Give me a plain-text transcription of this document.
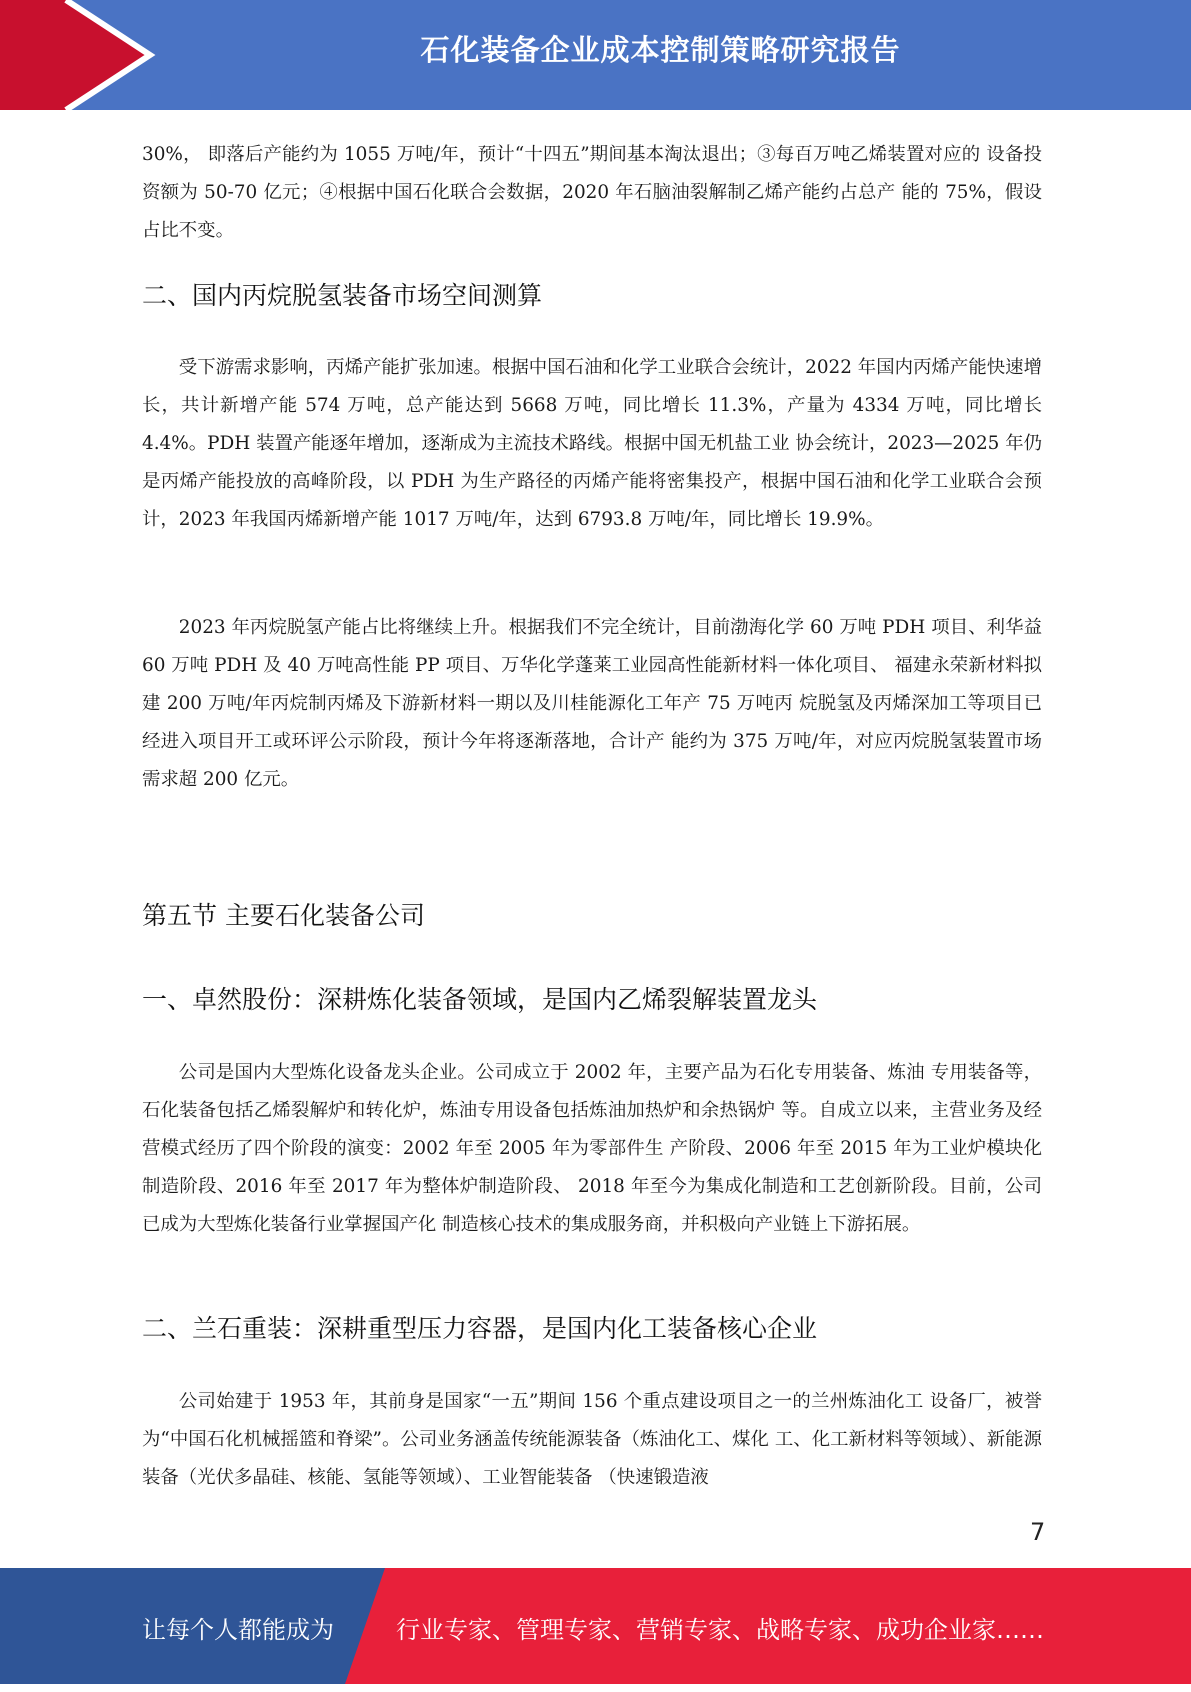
石化装备企业成本控制策略研究报告

30%， 即落后产能约为 1055 万吨/年，预计“十四五”期间基本淘汰退出；③每百万吨乙烯装置对应的 设备投资额为 50-70 亿元；④根据中国石化联合会数据，2020 年石脑油裂解制乙烯产能约占总产 能的 75%，假设占比不变。

二、国内丙烷脱氢装备市场空间测算

受下游需求影响，丙烯产能扩张加速。根据中国石油和化学工业联合会统计，2022 年国内丙烯产能快速增长，共计新增产能 574 万吨，总产能达到 5668 万吨，同比增长 11.3%，产量为 4334 万吨，同比增长 4.4%。PDH 装置产能逐年增加，逐渐成为主流技术路线。根据中国无机盐工业 协会统计，2023—2025 年仍是丙烯产能投放的高峰阶段，以 PDH 为生产路径的丙烯产能将密集投产，根据中国石油和化学工业联合会预计，2023 年我国丙烯新增产能 1017 万吨/年，达到 6793.8 万吨/年，同比增长 19.9%。

2023 年丙烷脱氢产能占比将继续上升。根据我们不完全统计，目前渤海化学 60 万吨 PDH 项目、利华益 60 万吨 PDH 及 40 万吨高性能 PP 项目、万华化学蓬莱工业园高性能新材料一体化项目、 福建永荣新材料拟建 200 万吨/年丙烷制丙烯及下游新材料一期以及川桂能源化工年产 75 万吨丙 烷脱氢及丙烯深加工等项目已经进入项目开工或环评公示阶段，预计今年将逐渐落地，合计产 能约为 375 万吨/年，对应丙烷脱氢装置市场需求超 200 亿元。

第五节 主要石化装备公司
一、卓然股份：深耕炼化装备领域，是国内乙烯裂解装置龙头

公司是国内大型炼化设备龙头企业。公司成立于 2002 年，主要产品为石化专用装备、炼油 专用装备等，石化装备包括乙烯裂解炉和转化炉，炼油专用设备包括炼油加热炉和余热锅炉 等。自成立以来，主营业务及经营模式经历了四个阶段的演变：2002 年至 2005 年为零部件生 产阶段、2006 年至 2015 年为工业炉模块化制造阶段、2016 年至 2017 年为整体炉制造阶段、 2018 年至今为集成化制造和工艺创新阶段。目前，公司已成为大型炼化装备行业掌握国产化 制造核心技术的集成服务商，并积极向产业链上下游拓展。

二、兰石重装：深耕重型压力容器，是国内化工装备核心企业

公司始建于 1953 年，其前身是国家“一五”期间 156 个重点建设项目之一的兰州炼油化工 设备厂，被誉为“中国石化机械摇篮和脊梁”。公司业务涵盖传统能源装备（炼油化工、煤化 工、化工新材料等领域）、新能源装备（光伏多晶硅、核能、氢能等领域）、工业智能装备 （快速锻造液

7
让每个人都能成为	行业专家、管理专家、营销专家、战略专家、成功企业家……
